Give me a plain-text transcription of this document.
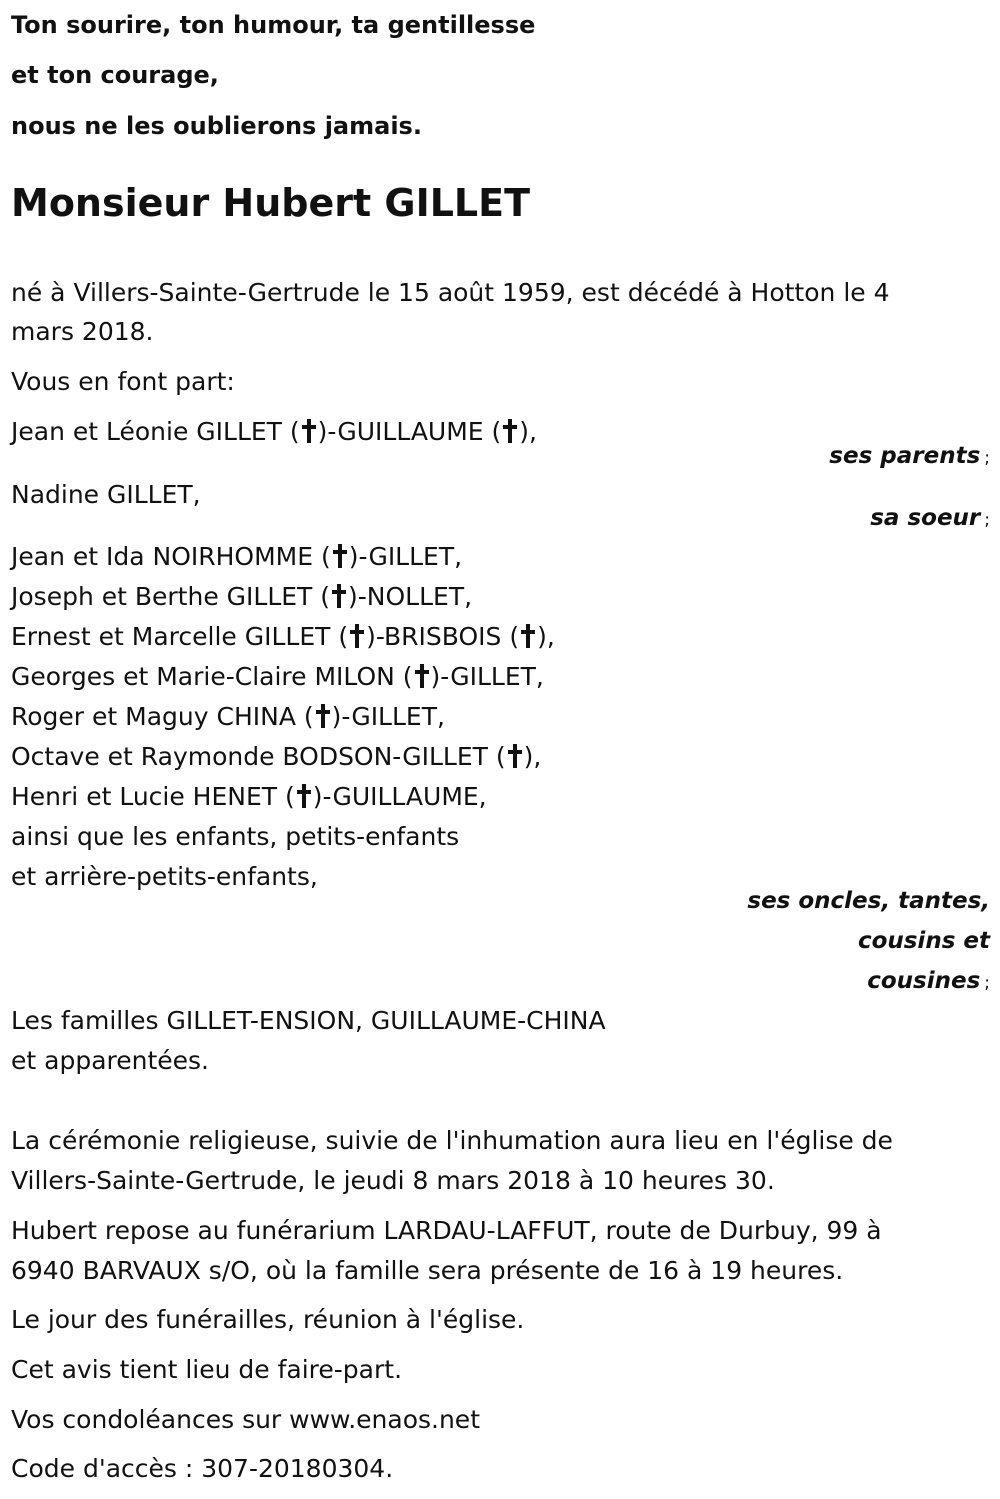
Ton sourire, ton humour, ta gentillesse
et ton courage,
nous ne les oublierons jamais.
Monsieur Hubert GILLET
né à Villers-Sainte-Gertrude le 15 août 1959, est décédé à Hotton le 4
mars 2018.
Vous en font part:
Jean et Léonie GILLET ( )-GUILLAUME ( ),
ses parents ;
Nadine GILLET,
sa soeur ;
Jean et Ida NOIRHOMME ( )-GILLET,
Joseph et Berthe GILLET ( )-NOLLET,
Ernest et Marcelle GILLET ( )-BRISBOIS ( ),
Georges et Marie-Claire MILON ( )-GILLET,
Roger et Maguy CHINA ( )-GILLET,
Octave et Raymonde BODSON-GILLET ( ),
Henri et Lucie HENET ( )-GUILLAUME,
ainsi que les enfants, petits-enfants
et arrière-petits-enfants,
ses oncles, tantes,
cousins et
cousines ;
Les familles GILLET-ENSION, GUILLAUME-CHINA
et apparentées.
La cérémonie religieuse, suivie de l'inhumation aura lieu en l'église de
Villers-Sainte-Gertrude, le jeudi 8 mars 2018 à 10 heures 30.
Hubert repose au funérarium LARDAU-LAFFUT, route de Durbuy, 99 à
6940 BARVAUX s/O, où la famille sera présente de 16 à 19 heures.
Le jour des funérailles, réunion à l'église.
Cet avis tient lieu de faire-part.
Vos condoléances sur www.enaos.net
Code d'accès : 307-20180304.
